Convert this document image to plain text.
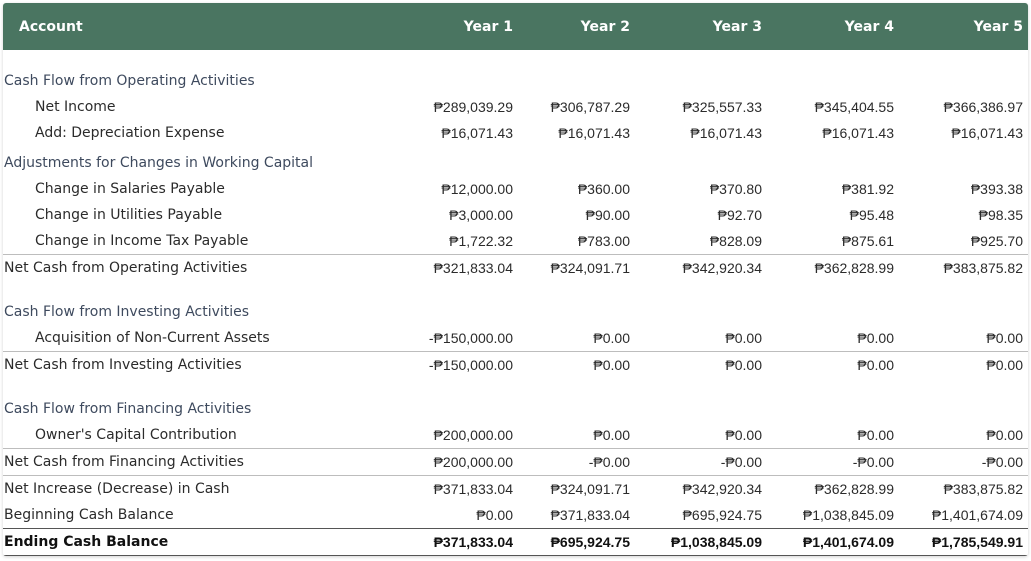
Account	Year 1	Year 2	Year 3	Year 4	Year 5

Cash Flow from Operating Activities					
Net Income	₱289,039.29	₱306,787.29	₱325,557.33	₱345,404.55	₱366,386.97
Add: Depreciation Expense	₱16,071.43	₱16,071.43	₱16,071.43	₱16,071.43	₱16,071.43
Adjustments for Changes in Working Capital					
Change in Salaries Payable	₱12,000.00	₱360.00	₱370.80	₱381.92	₱393.38
Change in Utilities Payable	₱3,000.00	₱90.00	₱92.70	₱95.48	₱98.35
Change in Income Tax Payable	₱1,722.32	₱783.00	₱828.09	₱875.61	₱925.70
Net Cash from Operating Activities	₱321,833.04	₱324,091.71	₱342,920.34	₱362,828.99	₱383,875.82

Cash Flow from Investing Activities					
Acquisition of Non-Current Assets	-₱150,000.00	₱0.00	₱0.00	₱0.00	₱0.00
Net Cash from Investing Activities	-₱150,000.00	₱0.00	₱0.00	₱0.00	₱0.00

Cash Flow from Financing Activities					
Owner's Capital Contribution	₱200,000.00	₱0.00	₱0.00	₱0.00	₱0.00
Net Cash from Financing Activities	₱200,000.00	-₱0.00	-₱0.00	-₱0.00	-₱0.00
Net Increase (Decrease) in Cash	₱371,833.04	₱324,091.71	₱342,920.34	₱362,828.99	₱383,875.82
Beginning Cash Balance	₱0.00	₱371,833.04	₱695,924.75	₱1,038,845.09	₱1,401,674.09
Ending Cash Balance	₱371,833.04	₱695,924.75	₱1,038,845.09	₱1,401,674.09	₱1,785,549.91
